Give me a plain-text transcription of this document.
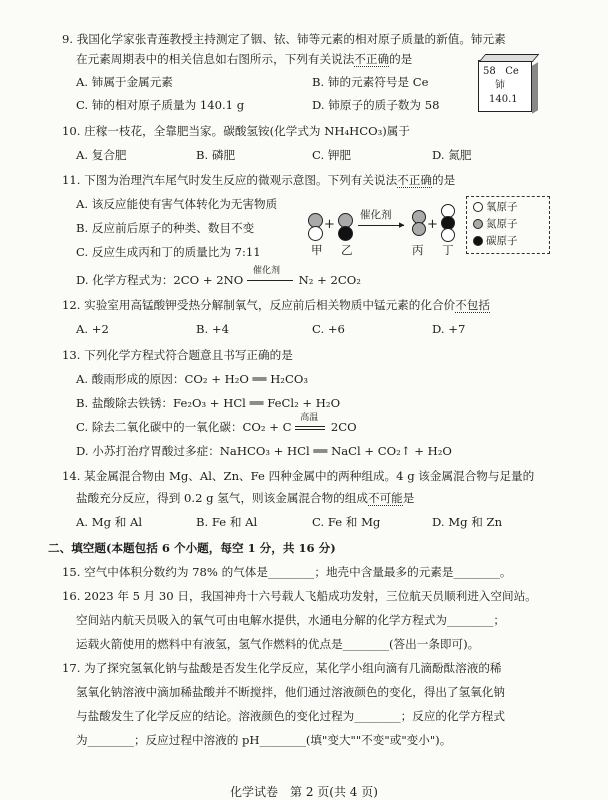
9. 我国化学家张青莲教授主持测定了铟、铱、铈等元素的相对原子质量的新值。铈元素
在元素周期表中的相关信息如右图所示，下列有关说法不正确的是
A. 铈属于金属元素	B. 铈的元素符号是 Ce
C. 铈的相对原子质量为 140.1 g	D. 铈原子的质子数为 58
58 Ce
铈
140.1
10. 庄稼一枝花，全靠肥当家。碳酸氢铵(化学式为 NH₄HCO₃)属于
A. 复合肥	B. 磷肥	C. 钾肥	D. 氮肥
11. 下图为治理汽车尾气时发生反应的微观示意图。下列有关说法不正确的是
A. 该反应能使有害气体转化为无害物质
B. 反应前后原子的种类、数目不变
C. 反应生成丙和丁的质量比为 7:11
+
催化剂
▸ +
甲 乙	丙 丁
氧原子
氮原子
碳原子
D. 化学方程式为：2CO + 2NO
催化剂
N₂ + 2CO₂
12. 实验室用高锰酸钾受热分解制氧气，反应前后相关物质中锰元素的化合价不包括
A. +2	B. +4	C. +6	D. +7
13. 下列化学方程式符合题意且书写正确的是
A. 酸雨形成的原因：CO₂ + H₂O ══ H₂CO₃
B. 盐酸除去铁锈：Fe₂O₃ + HCl ══ FeCl₂ + H₂O
C. 除去二氧化碳中的一氧化碳：CO₂ + C
高温
2CO
D. 小苏打治疗胃酸过多症：NaHCO₃ + HCl ══ NaCl + CO₂↑ + H₂O
14. 某金属混合物由 Mg、Al、Zn、Fe 四种金属中的两种组成。4 g 该金属混合物与足量的
盐酸充分反应，得到 0.2 g 氢气，则该金属混合物的组成不可能是
A. Mg 和 Al	B. Fe 和 Al	C. Fe 和 Mg	D. Mg 和 Zn
二、填空题(本题包括 6 个小题，每空 1 分，共 16 分)
15. 空气中体积分数约为 78% 的气体是________；地壳中含量最多的元素是________。
16. 2023 年 5 月 30 日，我国神舟十六号载人飞船成功发射，三位航天员顺利进入空间站。
空间站内航天员吸入的氧气可由电解水提供，水通电分解的化学方程式为________；
运载火箭使用的燃料中有液氢，氢气作燃料的优点是________(答出一条即可)。
17. 为了探究氢氧化钠与盐酸是否发生化学反应，某化学小组向滴有几滴酚酞溶液的稀
氢氧化钠溶液中滴加稀盐酸并不断搅拌，他们通过溶液颜色的变化，得出了氢氧化钠
与盐酸发生了化学反应的结论。溶液颜色的变化过程为________；反应的化学方程式
为________；反应过程中溶液的 pH________(填"变大""不变"或"变小")。
化学试卷　第 2 页(共 4 页)
